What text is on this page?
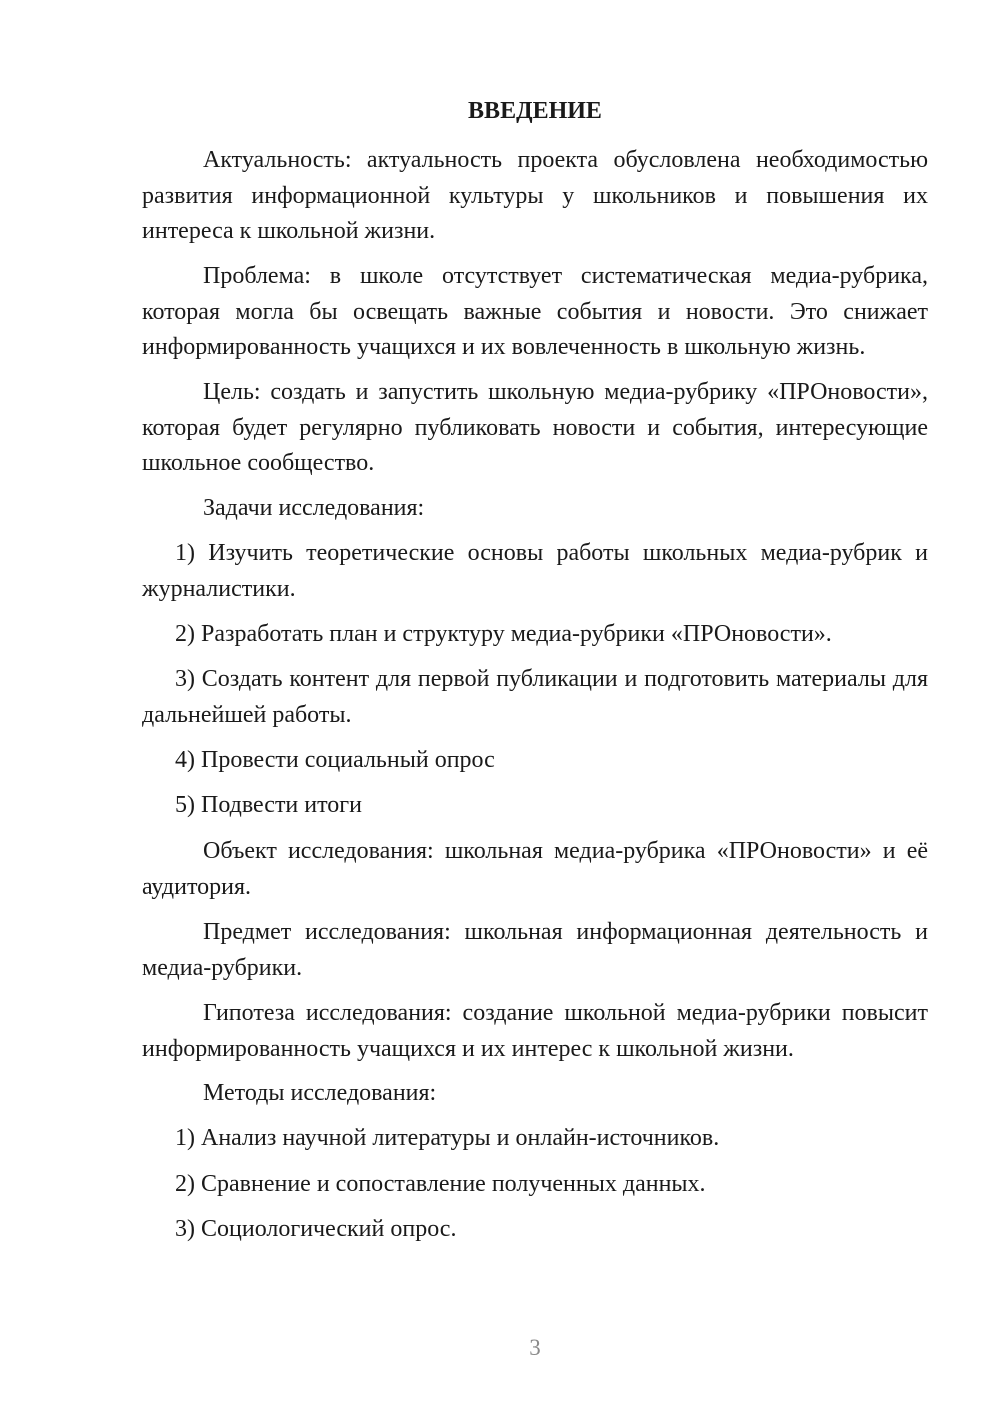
ВВЕДЕНИЕ

Актуальность: актуальность проекта обусловлена необходимостью развития информационной культуры у школьников и повышения их интереса к школьной жизни.

Проблема: в школе отсутствует систематическая медиа-рубрика, которая могла бы освещать важные события и новости. Это снижает информированность учащихся и их вовлеченность в школьную жизнь.

Цель: создать и запустить школьную медиа-рубрику «ПРОновости», которая будет регулярно публиковать новости и события, интересующие школьное сообщество.

Задачи исследования:

1) Изучить теоретические основы работы школьных медиа-рубрик и журналистики.

2) Разработать план и структуру медиа-рубрики «ПРОновости».

3) Создать контент для первой публикации и подготовить материалы для дальнейшей работы.

4) Провести социальный опрос

5) Подвести итоги

Объект исследования: школьная медиа-рубрика «ПРОновости» и её аудитория.

Предмет исследования: школьная информационная деятельность и медиа-рубрики.

Гипотеза исследования: создание школьной медиа-рубрики повысит информированность учащихся и их интерес к школьной жизни.

Методы исследования:

1) Анализ научной литературы и онлайн-источников.

2) Сравнение и сопоставление полученных данных.

3) Социологический опрос.

3
